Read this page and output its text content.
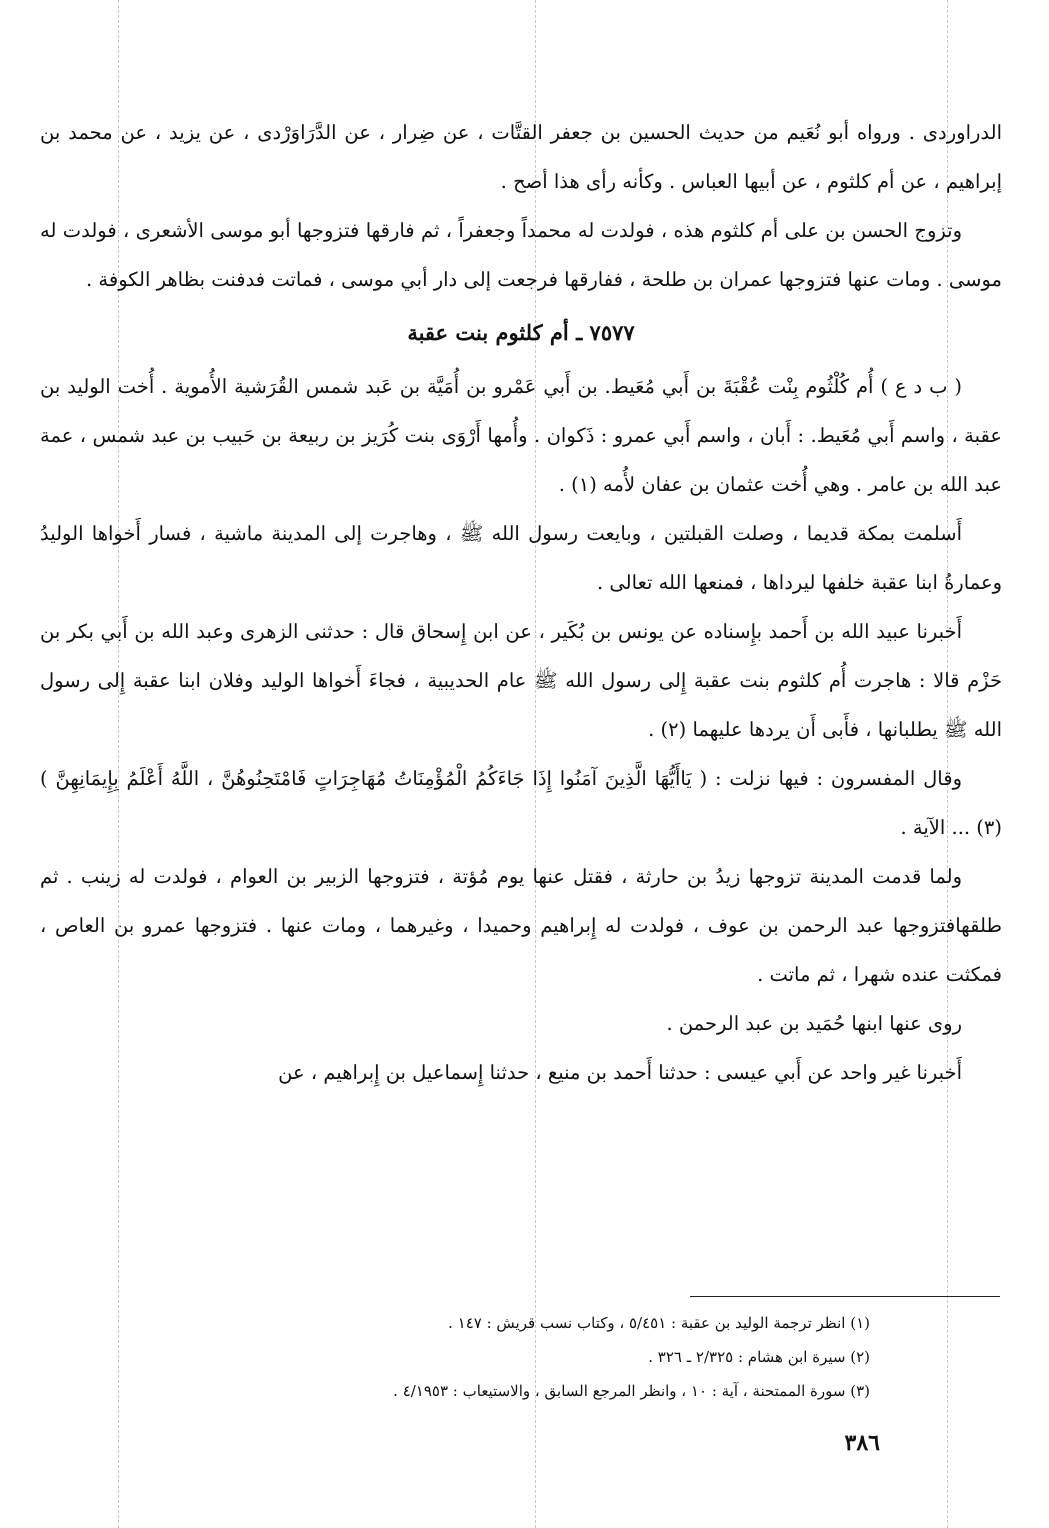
الدراوردى . ورواه أبو نُعَيم من حديث الحسين بن جعفر القتَّات ، عن ضِرار ، عن الدَّرَاوَرْدى ، عن يزيد ، عن محمد بن إبراهيم ، عن أم كلثوم ، عن أبيها العباس . وكأنه رأى هذا أصح .

وتزوج الحسن بن على أم كلثوم هذه ، فولدت له محمداً وجعفراً ، ثم فارقها فتزوجها أبو موسى الأشعرى ، فولدت له موسى . ومات عنها فتزوجها عمران بن طلحة ، ففارقها فرجعت إلى دار أبي موسى ، فماتت فدفنت بظاهر الكوفة .

٧٥٧٧ ـ أم كلثوم بنت عقبة

( ب د ع ) أُم كُلْثُوم بِنْت عُقْبَةَ بن أَبي مُعَيط. بن أَبي عَمْرو بن أُمَيَّة بن عَبد شمس القُرَشية الأُموية . أُخت الوليد بن عقبة ، واسم أَبي مُعَيط. : أَبان ، واسم أَبي عمرو : ذَكوان . وأُمها أَرْوَى بنت كُرَيز بن ربيعة بن حَبيب بن عبد شمس ، عمة عبد الله بن عامر . وهي أُخت عثمان بن عفان لأُمه (١) .

أَسلمت بمكة قديما ، وصلت القبلتين ، وبايعت رسول الله ﷺ ، وهاجرت إلى المدينة ماشية ، فسار أَخواها الوليدُ وعمارةُ ابنا عقبة خلفها ليرداها ، فمنعها الله تعالى .

أَخبرنا عبيد الله بن أَحمد بإِسناده عن يونس بن بُكَير ، عن ابن إِسحاق قال : حدثنى الزهرى وعبد الله بن أَبي بكر بن حَزْم قالا : هاجرت أُم كلثوم بنت عقبة إِلى رسول الله ﷺ عام الحديبية ، فجاءَ أَخواها الوليد وفلان ابنا عقبة إِلى رسول الله ﷺ يطلبانها ، فأَبى أَن يردها عليهما (٢) .

وقال المفسرون : فيها نزلت : ( يَاأَيُّهَا الَّذِينَ آمَنُوا إِذَا جَاءَكُمُ الْمُؤْمِنَاتُ مُهَاجِرَاتٍ فَامْتَحِنُوهُنَّ ، اللَّهُ أَعْلَمُ بِإِيمَانِهِنَّ ) (٣) ... الآية .

ولما قدمت المدينة تزوجها زيدُ بن حارثة ، فقتل عنها يوم مُؤتة ، فتزوجها الزبير بن العوام ، فولدت له زينب . ثم طلقهافتزوجها عبد الرحمن بن عوف ، فولدت له إِبراهيم وحميدا ، وغيرهما ، ومات عنها . فتزوجها عمرو بن العاص ، فمكثت عنده شهرا ، ثم ماتت .

روى عنها ابنها حُمَيد بن عبد الرحمن .

أَخبرنا غير واحد عن أَبي عيسى : حدثنا أَحمد بن منيع ، حدثنا إِسماعيل بن إِبراهيم ، عن

(١) انظر ترجمة الوليد بن عقبة : ٥/٤٥١ ، وكتاب نسب قريش : ١٤٧ .

(٢) سيرة ابن هشام : ٢/٣٢٥ ـ ٣٢٦ .

(٣) سورة الممتحنة ، آية : ١٠ ، وانظر المرجع السابق ، والاستيعاب : ٤/١٩٥٣ .

٣٨٦
